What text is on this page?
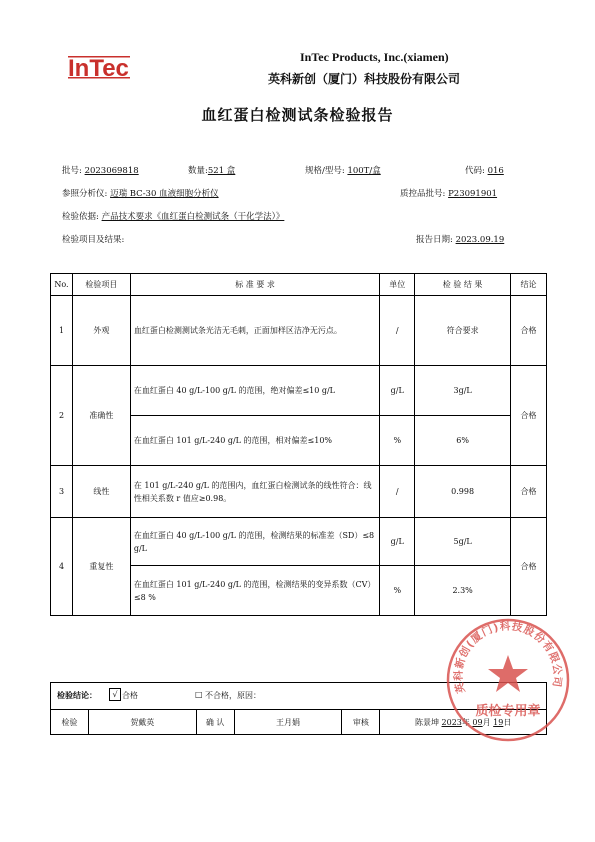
InTec	InTec Products, Inc.(xiamen)
英科新创（厦门）科技股份有限公司
血红蛋白检测试条检验报告
批号: 2023069818	数量:521 盒	规格/型号: 100T/盒	代码: 016
参照分析仪: 迈瑞 BC-30 血液细胞分析仪	质控品批号: P23091901
检验依据: 产品技术要求《血红蛋白检测试条（干化学法）》
检验项目及结果:	报告日期: 2023.09.19
No.	检验项目	标 准 要 求	单位	检 验 结 果	结论
1	外观	血红蛋白检测测试条光洁无毛刺，正面加样区洁净无污点。	/	符合要求	合格
2	准确性	在血红蛋白 40 g/L-100 g/L 的范围，绝对偏差≤10 g/L	g/L	3g/L	合格
		在血红蛋白 101 g/L-240 g/L 的范围，相对偏差≤10%	%	6%	
3	线性	在 101 g/L-240 g/L 的范围内，血红蛋白检测试条的线性符合：线性相关系数 r 值应≥0.98。	/	0.998	合格
4	重复性	在血红蛋白 40 g/L-100 g/L 的范围，检测结果的标准差（SD）≤8 g/L	g/L	5g/L	合格
		在血红蛋白 101 g/L-240 g/L 的范围，检测结果的变异系数（CV）≤8 %	%	2.3%	
检验结论：	√ 合格	□ 不合格，原因：
检验	贺戴英	确 认	王月娟	审核	陈景坤 2023年 09月 19日
英科新创(厦门)科技股份有限公司
质检专用章
